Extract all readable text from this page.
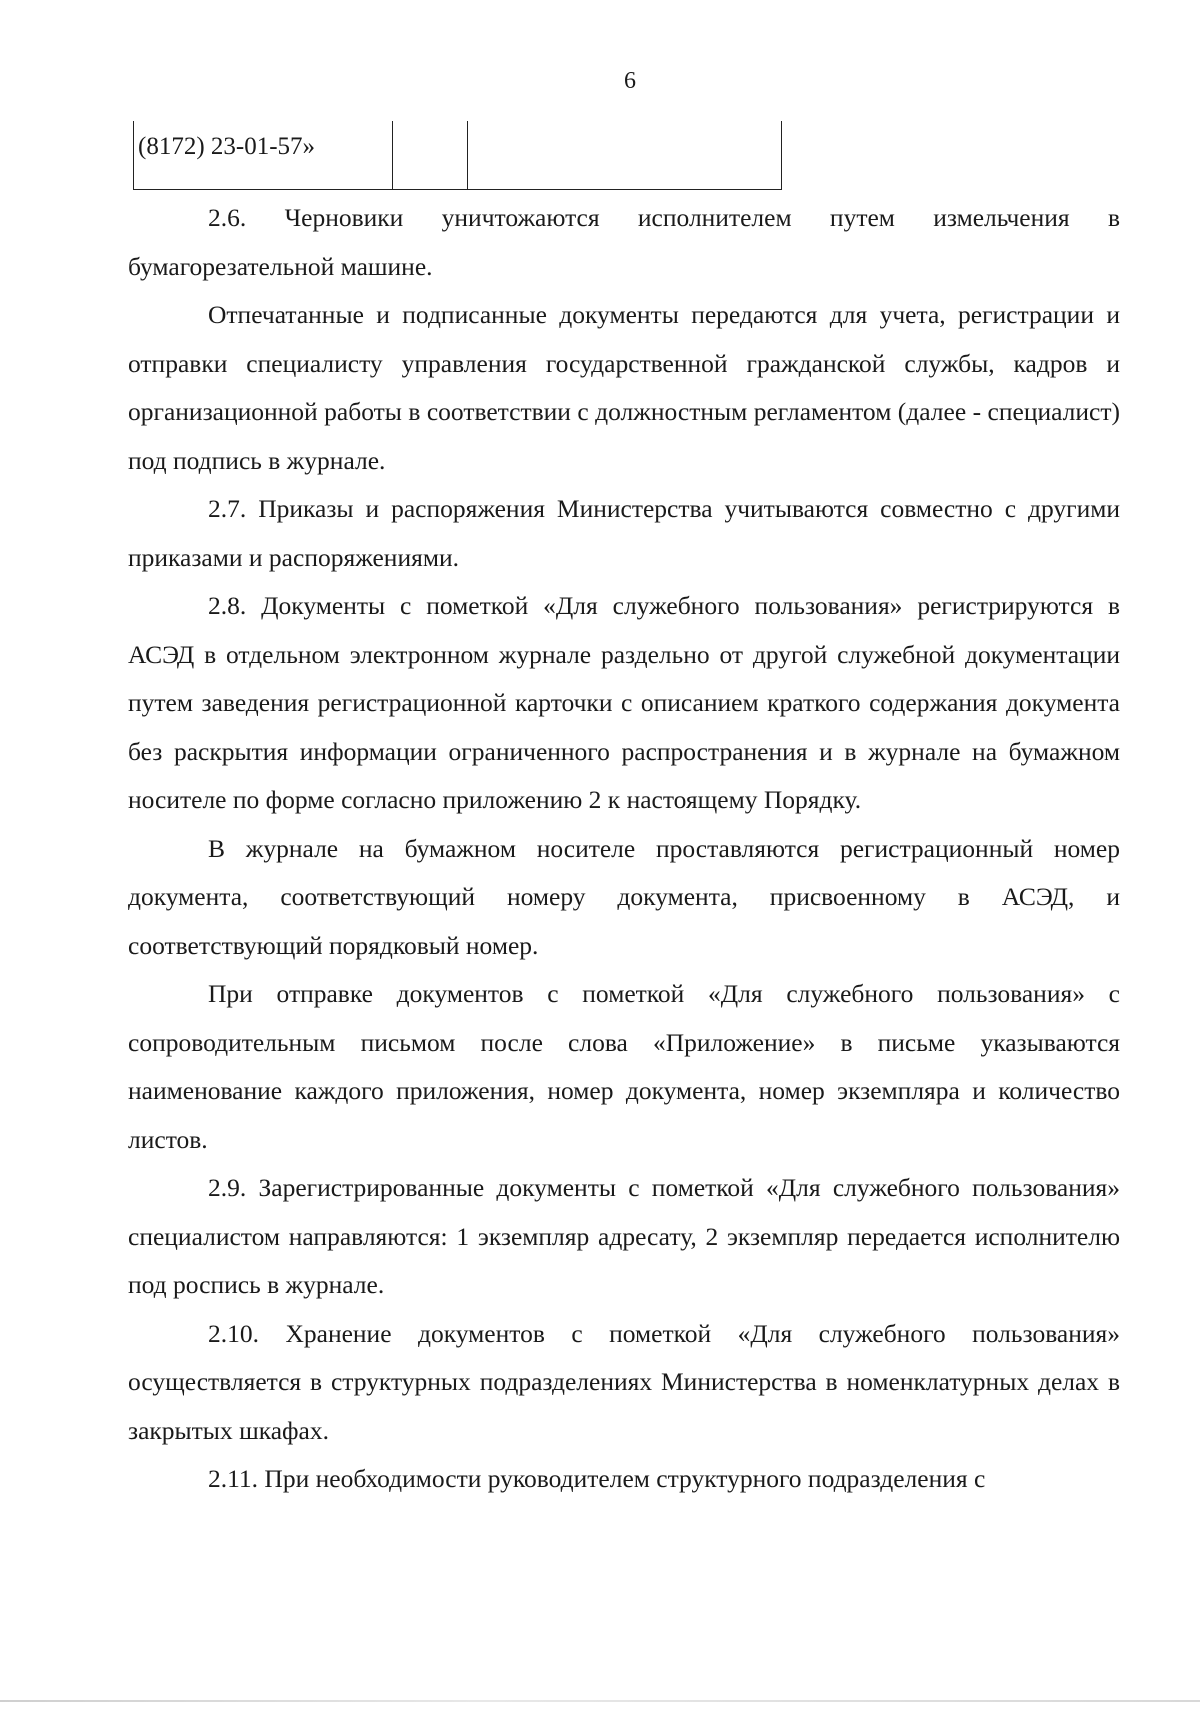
6
(8172) 23-01-57»		

2.6. Черновики уничтожаются исполнителем путем измельчения в бумагорезательной машине.

Отпечатанные и подписанные документы передаются для учета, регистрации и отправки специалисту управления государственной гражданской службы, кадров и организационной работы в соответствии с должностным регламентом (далее - специалист) под подпись в журнале.

2.7. Приказы и распоряжения Министерства учитываются совместно с другими приказами и распоряжениями.

2.8. Документы с пометкой «Для служебного пользования» регистрируются в АСЭД в отдельном электронном журнале раздельно от другой служебной документации путем заведения регистрационной карточки с описанием краткого содержания документа без раскрытия информации ограниченного распространения и в журнале на бумажном носителе по форме согласно приложению 2 к настоящему Порядку.

В журнале на бумажном носителе проставляются регистрационный номер документа, соответствующий номеру документа, присвоенному в АСЭД, и соответствующий порядковый номер.

При отправке документов с пометкой «Для служебного пользования» с сопроводительным письмом после слова «Приложение» в письме указываются наименование каждого приложения, номер документа, номер экземпляра и количество листов.

2.9. Зарегистрированные документы с пометкой «Для служебного пользования» специалистом направляются: 1 экземпляр адресату, 2 экземпляр передается исполнителю под роспись в журнале.

2.10. Хранение документов с пометкой «Для служебного пользования» осуществляется в структурных подразделениях Министерства в номенклатурных делах в закрытых шкафах.

2.11. При необходимости руководителем структурного подразделения с
